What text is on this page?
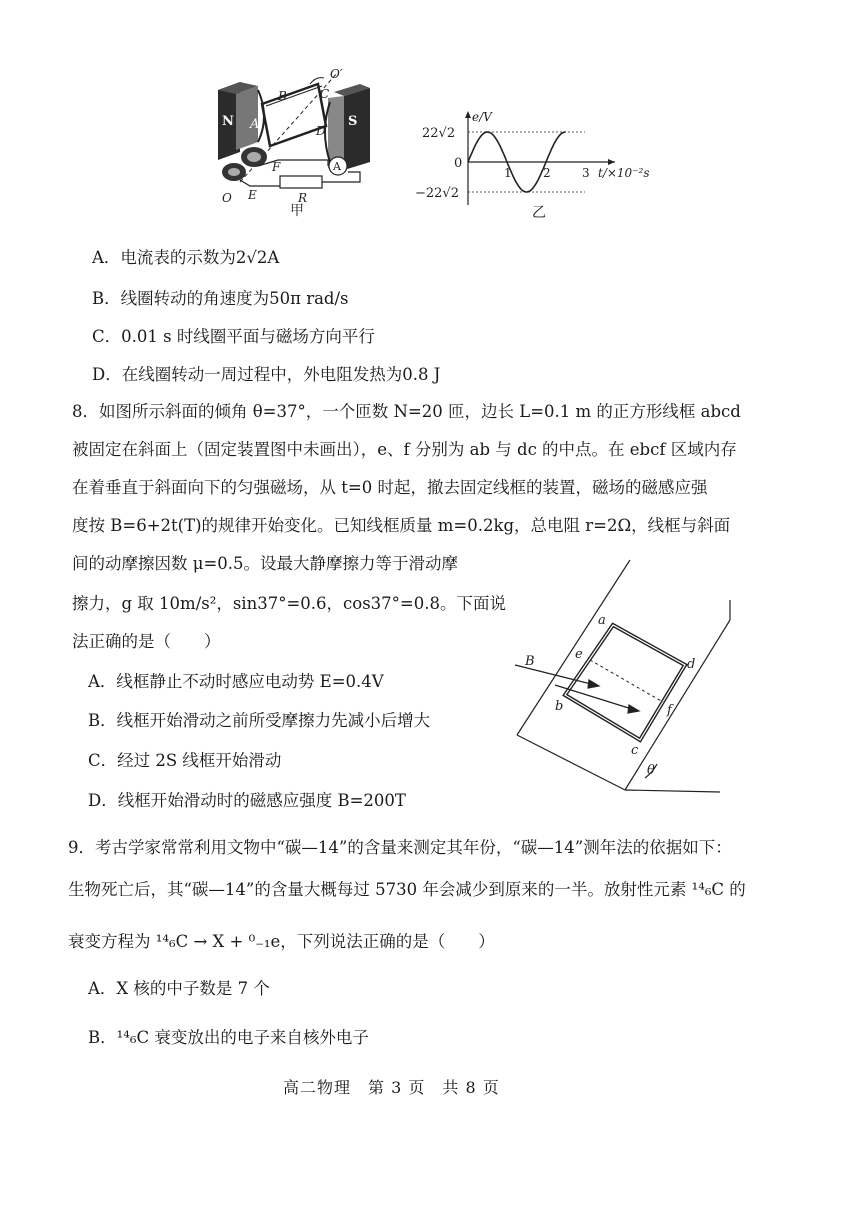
N	S
A
A
B	C
D
O′
F
E	R
O
甲
e/V
t/×10⁻²s
22√2
0
−22√2
1	2	3
乙
A．电流表的示数为2√2A
B．线圈转动的角速度为50π rad/s
C．0.01 s 时线圈平面与磁场方向平行
D．在线圈转动一周过程中，外电阻发热为0.8 J
8．如图所示斜面的倾角 θ=37°，一个匝数 N=20 匝，边长 L=0.1 m 的正方形线框 abcd
被固定在斜面上（固定装置图中未画出），e、f 分别为 ab 与 dc 的中点。在 ebcf 区域内存
在着垂直于斜面向下的匀强磁场，从 t=0 时起，撤去固定线框的装置，磁场的磁感应强
度按 B=6+2t(T)的规律开始变化。已知线框质量 m=0.2kg，总电阻 r=2Ω，线框与斜面
间的动摩擦因数 μ=0.5。设最大静摩擦力等于滑动摩
擦力，g 取 10m/s²，sin37°=0.6，cos37°=0.8。下面说
法正确的是（　　）
A．线框静止不动时感应电动势 E=0.4V
B．线框开始滑动之前所受摩擦力先减小后增大
C．经过 2S 线框开始滑动
D．线框开始滑动时的磁感应强度 B=200T
B
a
e
b
d
f
c
θ
9．考古学家常常利用文物中“碳—14”的含量来测定其年份，“碳—14”测年法的依据如下：
生物死亡后，其“碳—14”的含量大概每过 5730 年会减少到原来的一半。放射性元素 ¹⁴₆C 的
衰变方程为 ¹⁴₆C → X + ⁰₋₁e，下列说法正确的是（　　）
A．X 核的中子数是 7 个
B．¹⁴₆C 衰变放出的电子来自核外电子
高二物理　第 3 页　共 8 页
